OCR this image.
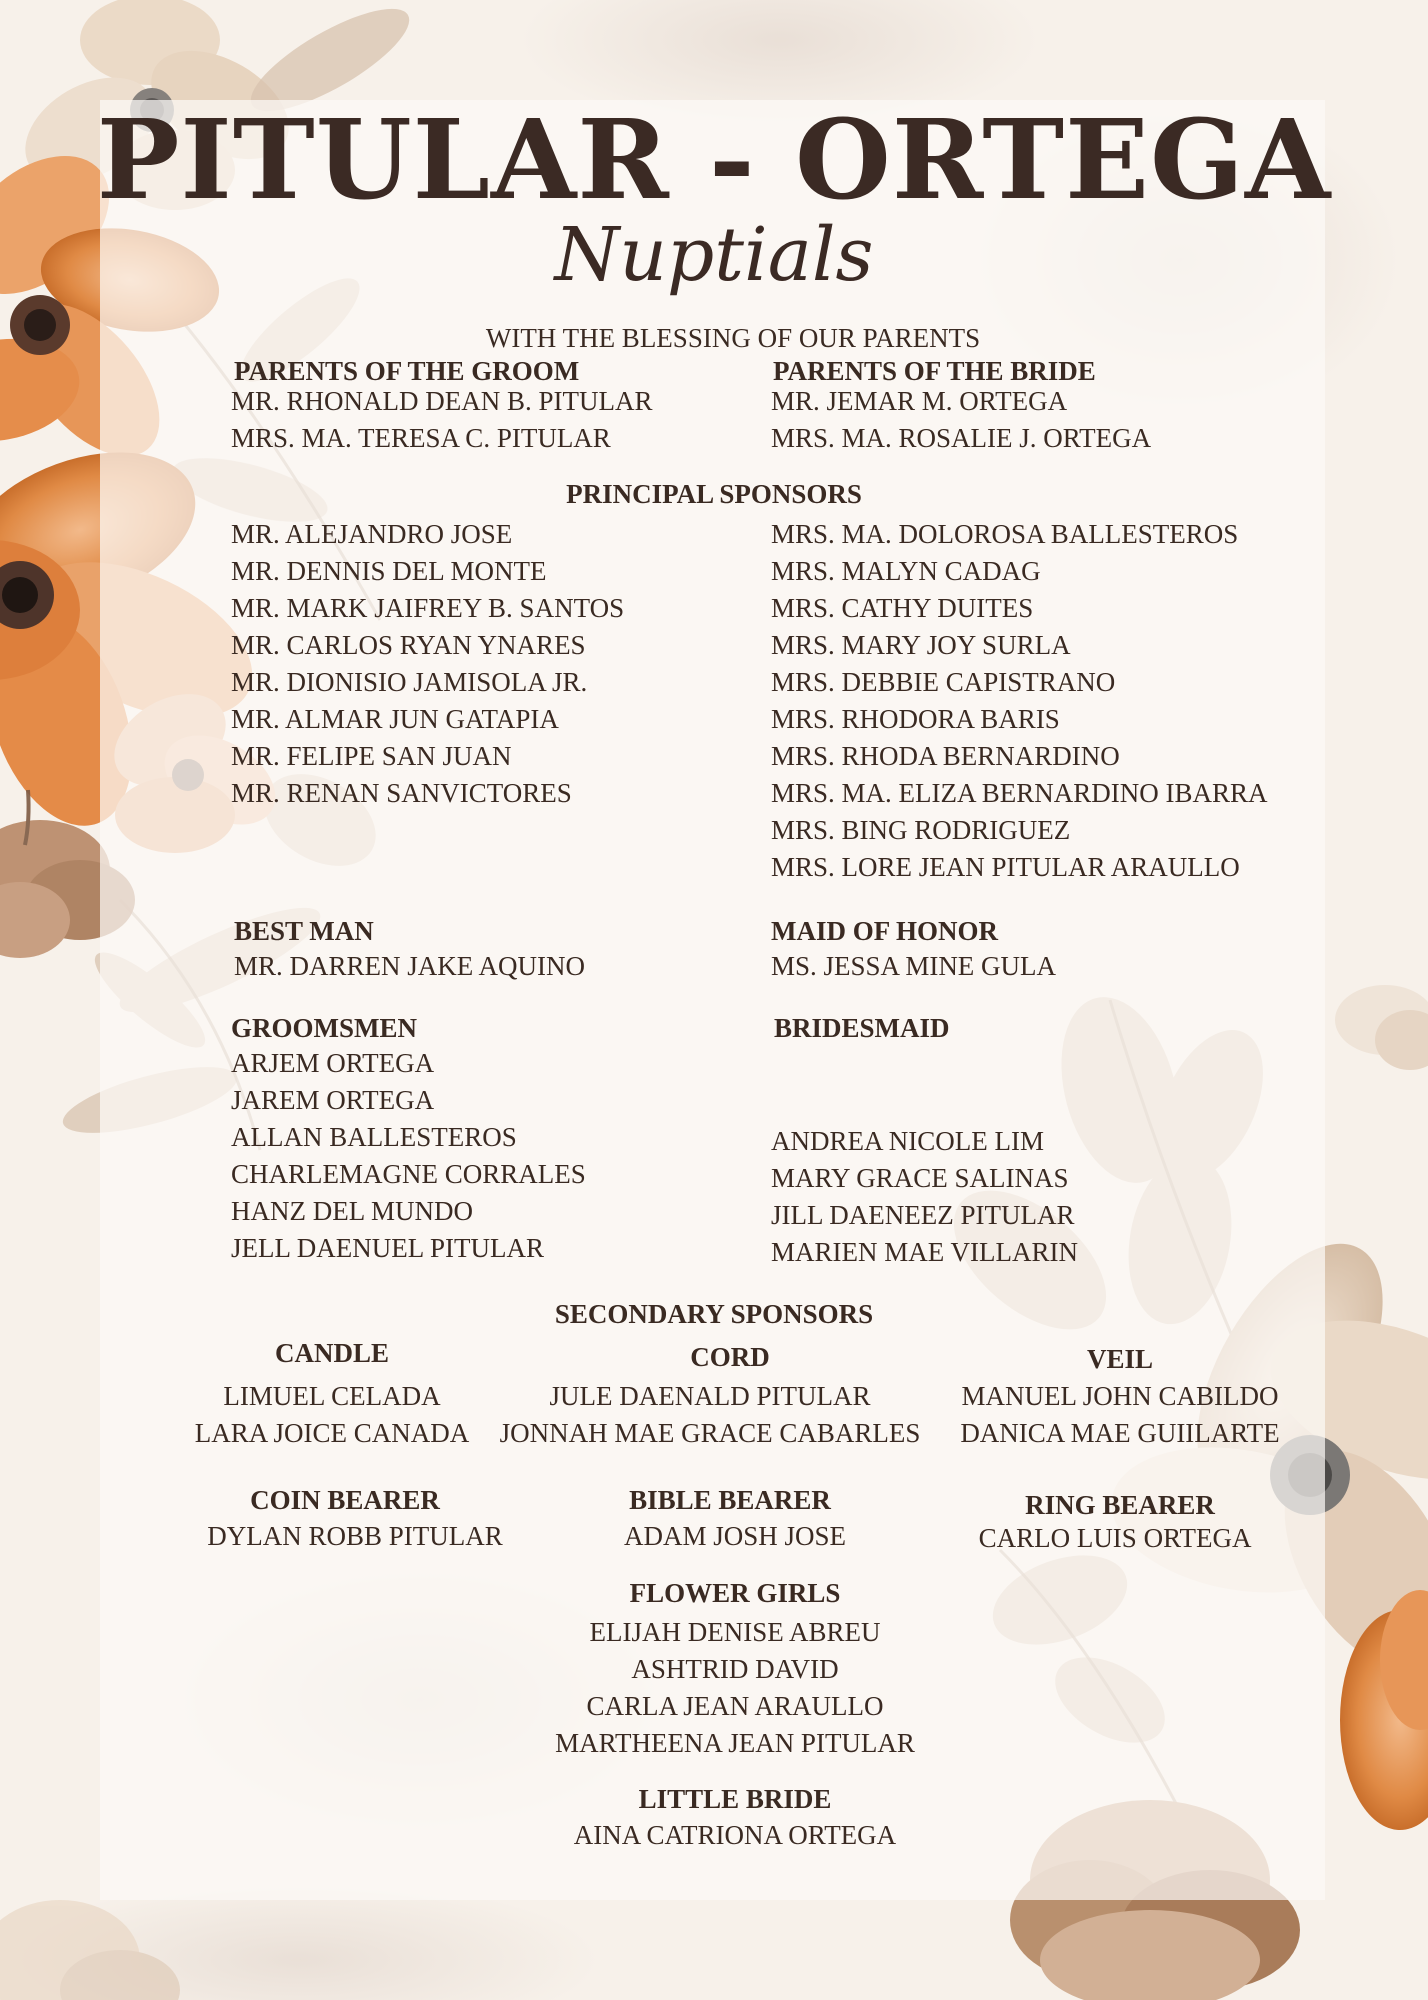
PITULAR - ORTEGA
Nuptials
WITH THE BLESSING OF OUR PARENTS
PARENTS OF THE GROOM
MR. RHONALD DEAN B. PITULAR
MRS. MA. TERESA C. PITULAR
PARENTS OF THE BRIDE
MR. JEMAR M. ORTEGA
MRS. MA. ROSALIE J. ORTEGA
PRINCIPAL SPONSORS
MR. ALEJANDRO JOSE
MR. DENNIS DEL MONTE
MR. MARK JAIFREY B. SANTOS
MR. CARLOS RYAN YNARES
MR. DIONISIO JAMISOLA JR.
MR. ALMAR JUN GATAPIA
MR. FELIPE SAN JUAN
MR. RENAN SANVICTORES
MRS. MA. DOLOROSA BALLESTEROS
MRS. MALYN CADAG
MRS. CATHY DUITES
MRS. MARY JOY SURLA
MRS. DEBBIE CAPISTRANO
MRS. RHODORA BARIS
MRS. RHODA BERNARDINO
MRS. MA. ELIZA BERNARDINO IBARRA
MRS. BING RODRIGUEZ
MRS. LORE JEAN PITULAR ARAULLO
BEST MAN
MR. DARREN JAKE AQUINO
MAID OF HONOR
MS. JESSA MINE GULA
GROOMSMEN
ARJEM ORTEGA
JAREM ORTEGA
ALLAN BALLESTEROS
CHARLEMAGNE CORRALES
HANZ DEL MUNDO
JELL DAENUEL PITULAR
BRIDESMAID
ANDREA NICOLE LIM
MARY GRACE SALINAS
JILL DAENEEZ PITULAR
MARIEN MAE VILLARIN
SECONDARY SPONSORS
CANDLE
LIMUEL CELADA
LARA JOICE CANADA
CORD
JULE DAENALD PITULAR
JONNAH MAE GRACE CABARLES
VEIL
MANUEL JOHN CABILDO
DANICA MAE GUIILARTE
COIN BEARER
DYLAN ROBB PITULAR
BIBLE BEARER
ADAM JOSH JOSE
RING BEARER
CARLO LUIS ORTEGA
FLOWER GIRLS
ELIJAH DENISE ABREU
ASHTRID DAVID
CARLA JEAN ARAULLO
MARTHEENA JEAN PITULAR
LITTLE BRIDE
AINA CATRIONA ORTEGA
